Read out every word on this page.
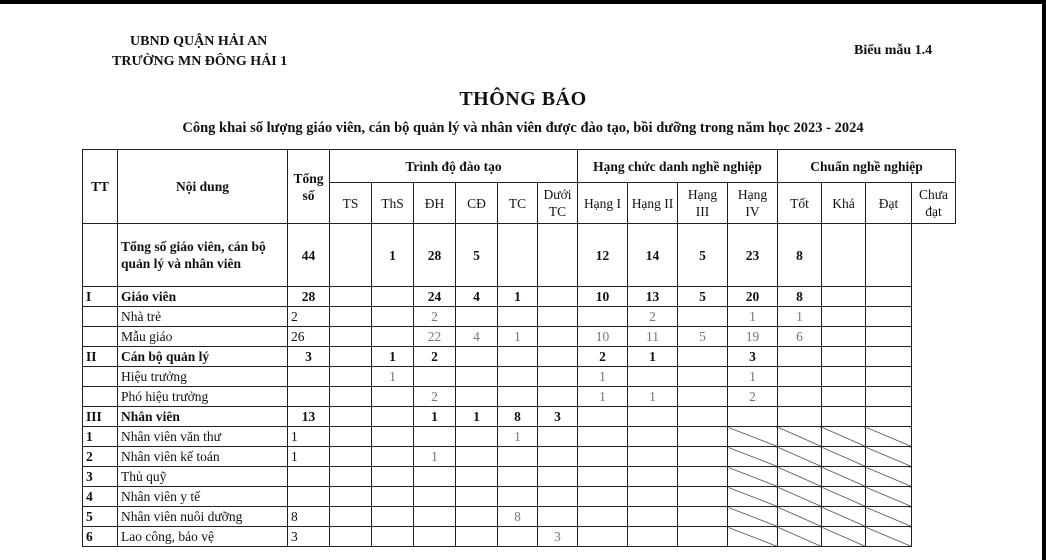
UBND QUẬN HẢI AN
TRƯỜNG MN ĐÔNG HẢI 1
Biểu mẫu 1.4
THÔNG BÁO
Công khai số lượng giáo viên, cán bộ quản lý và nhân viên được đào tạo, bồi dưỡng trong năm học 2023 - 2024
TT	Nội dung	Tổng số	Trình độ đào tạo						Hạng chức danh nghề nghiệp				Chuẩn nghề nghiệp			
			TS	ThS	ĐH	CĐ	TC	Dưới TC	Hạng I	Hạng II	Hạng III	Hạng IV	Tốt	Khá	Đạt	Chưa đạt
	Tổng số giáo viên, cán bộ quản lý và nhân viên	44		1	28	5			12	14	5	23	8			
I	Giáo viên	28			24	4	1		10	13	5	20	8			
	Nhà trẻ	2			2					2		1	1			
	Mẫu giáo	26			22	4	1		10	11	5	19	6			
II	Cán bộ quản lý	3		1	2				2	1		3				
	Hiệu trưởng			1					1			1				
	Phó hiệu trưởng				2				1	1		2				
III	Nhân viên	13			1	1	8	3								
1	Nhân viên văn thư	1					1									
2	Nhân viên kế toán	1			1											
3	Thủ quỹ															
4	Nhân viên y tế															
5	Nhân viên nuôi dưỡng	8					8									
6	Lao công, bảo vệ	3						3								
